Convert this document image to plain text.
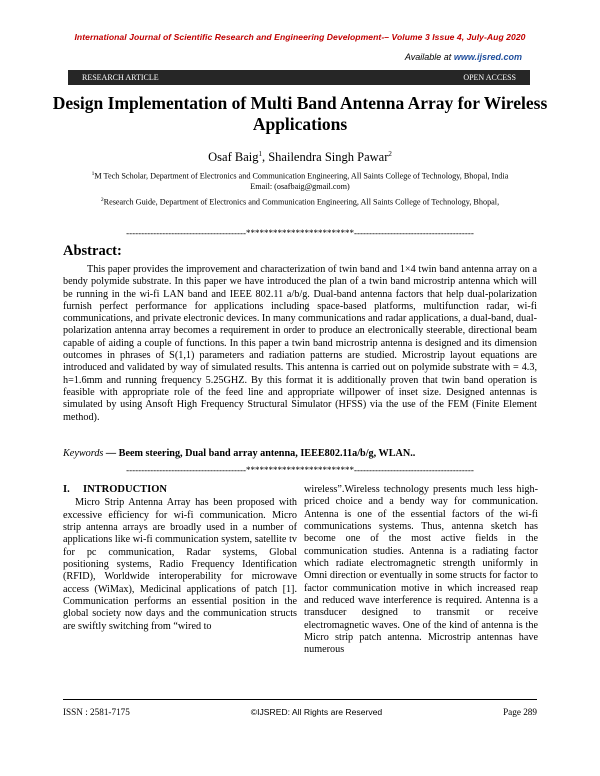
International Journal of Scientific Research and Engineering Development-– Volume 3 Issue 4, July-Aug 2020
Available at www.ijsred.com
RESEARCH ARTICLE	OPEN ACCESS
Design Implementation of Multi Band Antenna Array for Wireless Applications
Osaf Baig$^1$, Shailendra Singh Pawar$^2$
$^1$M Tech Scholar, Department of Electronics and Communication Engineering, All Saints College of Technology, Bhopal, India
Email: (osafbaig@gmail.com)
$^2$Research Guide, Department of Electronics and Communication Engineering, All Saints College of Technology, Bhopal,
----------------------------------------************************----------------------------------------
Abstract:
This paper provides the improvement and characterization of twin band and 1×4 twin band antenna array on a bendy polymide substrate. In this paper we have introduced the plan of a twin band microstrip antenna which will be running in the wi-fi LAN band and IEEE 802.11 a/b/g. Dual-band antenna factors that help dual-polarization furnish perfect performance for applications including space-based platforms, multifunction radar, wi-fi communications, and private electronic devices. In many communications and radar applications, a dual-band, dual-polarization antenna array becomes a requirement in order to produce an electronically steerable, directional beam capable of aiding a couple of functions. In this paper a twin band microstrip antenna is designed and its dimension outcomes in phrases of S(1,1) parameters and radiation patterns are studied. Microstrip layout equations are introduced and validated by way of simulated results. This antenna is carried out on polymide substrate with = 4.3, h=1.6mm and running frequency 5.25GHZ. By this format it is additionally proven that twin band operation is feasible with appropriate role of the feed line and appropriate willpower of inset size. Designed antennas is simulated by using Ansoft High Frequency Structural Simulator (HFSS) via the use of the FEM (Finite Element method).
Keywords — Beem steering, Dual band array antenna, IEEE802.11a/b/g, WLAN..
----------------------------------------************************----------------------------------------
I. INTRODUCTION
Micro Strip Antenna Array has been proposed with excessive efficiency for wi-fi communication. Micro strip antenna arrays are broadly used in a number of applications like wi-fi communication system, satellite tv for pc communication, Radar systems, Global positioning systems, Radio Frequency Identification (RFID), Worldwide interoperability for microwave access (WiMax), Medicinal applications of patch [1]. Communication performs an essential position in the global society now days and the communication structs are swiftly switching from “wired to
wireless”.Wireless technology presents much less high-priced choice and a bendy way for communication. Antenna is one of the essential factors of the wi-fi communications systems. Thus, antenna sketch has become one of the most active fields in the communication studies. Antenna is a radiating factor which radiate electromagnetic strength uniformly in Omni direction or eventually in some structs for factor to factor communication motive in which increased reap and reduced wave interference is required. Antenna is a transducer designed to transmit or receive electromagnetic waves. One of the kind of antenna is the Micro strip patch antenna. Microstrip antennas have numerous
ISSN : 2581-7175	©IJSRED: All Rights are Reserved	Page 289
